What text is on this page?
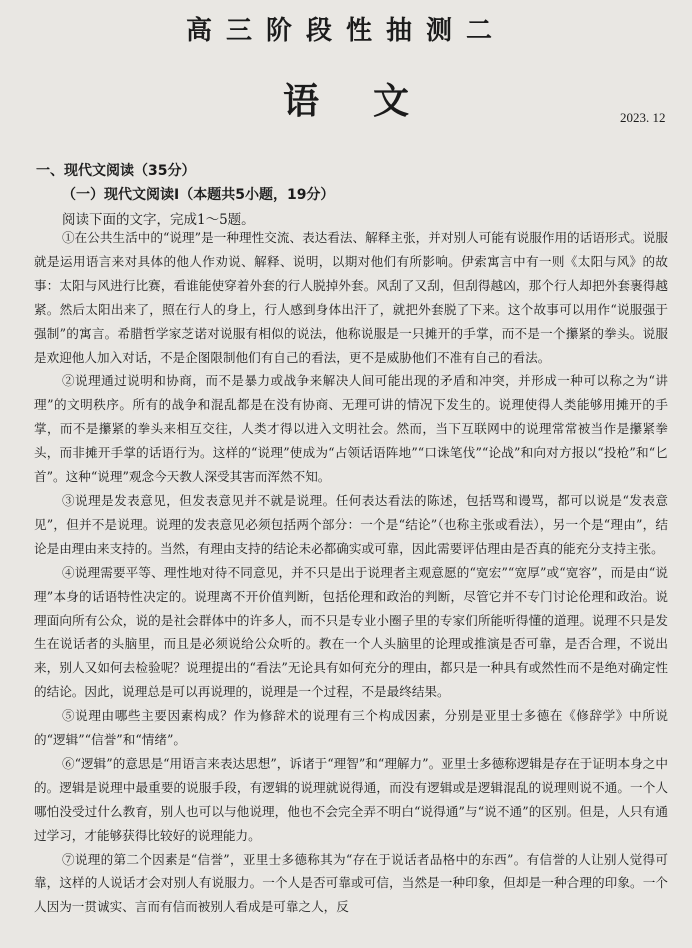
高三阶段性抽测二
语文	2023. 12
一、现代文阅读（35分）
（一）现代文阅读Ⅰ（本题共5小题，19分）
阅读下面的文字，完成1～5题。

①在公共生活中的“说理”是一种理性交流、表达看法、解释主张，并对别人可能有说服作用的话语形式。说服就是运用语言来对具体的他人作劝说、解释、说明，以期对他们有所影响。伊索寓言中有一则《太阳与风》的故事：太阳与风进行比赛，看谁能使穿着外套的行人脱掉外套。风刮了又刮，但刮得越凶，那个行人却把外套裹得越紧。然后太阳出来了，照在行人的身上，行人感到身体出汗了，就把外套脱了下来。这个故事可以用作“说服强于强制”的寓言。希腊哲学家芝诺对说服有相似的说法，他称说服是一只摊开的手掌，而不是一个攥紧的拳头。说服是欢迎他人加入对话，不是企图限制他们有自己的看法，更不是威胁他们不准有自己的看法。

②说理通过说明和协商，而不是暴力或战争来解决人间可能出现的矛盾和冲突，并形成一种可以称之为“讲理”的文明秩序。所有的战争和混乱都是在没有协商、无理可讲的情况下发生的。说理使得人类能够用摊开的手掌，而不是攥紧的拳头来相互交往，人类才得以进入文明社会。然而，当下互联网中的说理常常被当作是攥紧拳头，而非摊开手掌的话语行为。这样的“说理”使成为“占领话语阵地”“口诛笔伐”“论战”和向对方报以“投枪”和“匕首”。这种“说理”观念今天教人深受其害而浑然不知。

③说理是发表意见，但发表意见并不就是说理。任何表达看法的陈述，包括骂和谩骂，都可以说是“发表意见”，但并不是说理。说理的发表意见必须包括两个部分：一个是“结论”（也称主张或看法），另一个是“理由”，结论是由理由来支持的。当然，有理由支持的结论未必都确实或可靠，因此需要评估理由是否真的能充分支持主张。

④说理需要平等、理性地对待不同意见，并不只是出于说理者主观意愿的“宽宏”“宽厚”或“宽容”，而是由“说理”本身的话语特性决定的。说理离不开价值判断，包括伦理和政治的判断，尽管它并不专门讨论伦理和政治。说理面向所有公众，说的是社会群体中的许多人，而不只是专业小圈子里的专家们所能听得懂的道理。说理不只是发生在说话者的头脑里，而且是必须说给公众听的。教在一个人头脑里的论理或推演是否可靠，是否合理，不说出来，别人又如何去检验呢？说理提出的“看法”无论具有如何充分的理由，都只是一种具有或然性而不是绝对确定性的结论。因此，说理总是可以再说理的，说理是一个过程，不是最终结果。

⑤说理由哪些主要因素构成？作为修辞术的说理有三个构成因素，分别是亚里士多德在《修辞学》中所说的“逻辑”“信誉”和“情绪”。

⑥“逻辑”的意思是“用语言来表达思想”，诉诸于“理智”和“理解力”。亚里士多德称逻辑是存在于证明本身之中的。逻辑是说理中最重要的说服手段，有逻辑的说理就说得通，而没有逻辑或是逻辑混乱的说理则说不通。一个人哪怕没受过什么教育，别人也可以与他说理，他也不会完全弄不明白“说得通”与“说不通”的区别。但是，人只有通过学习，才能够获得比较好的说理能力。

⑦说理的第二个因素是“信誉”，亚里士多德称其为“存在于说话者品格中的东西”。有信誉的人让别人觉得可靠，这样的人说话才会对别人有说服力。一个人是否可靠或可信，当然是一种印象，但却是一种合理的印象。一个人因为一贯诚实、言而有信而被别人看成是可靠之人，反
